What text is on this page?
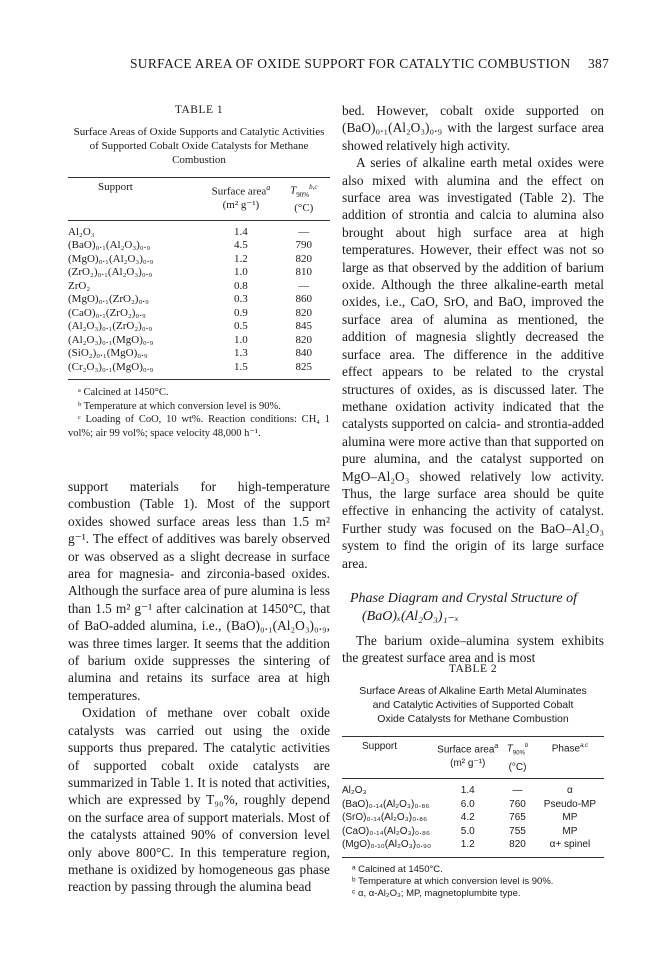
SURFACE AREA OF OXIDE SUPPORT FOR CATALYTIC COMBUSTION 387
TABLE 1
Surface Areas of Oxide Supports and Catalytic Activities of Supported Cobalt Oxide Catalysts for Methane Combustion
Support	Surface area$^a$
(m² g⁻¹)	$T_{90\%}^{b,c}$
(°C)
Al₂O₃	1.4	—
(BaO)₀.₁(Al₂O₃)₀.₉	4.5	790
(MgO)₀.₁(Al₂O₃)₀.₉	1.2	820
(ZrO₂)₀.₁(Al₂O₃)₀.₉	1.0	810
ZrO₂	0.8	—
(MgO)₀.₁(ZrO₂)₀.₉	0.3	860
(CaO)₀.₁(ZrO₂)₀.₉	0.9	820
(Al₂O₃)₀.₁(ZrO₂)₀.₉	0.5	845
(Al₂O₃)₀.₁(MgO)₀.₉	1.0	820
(SiO₂)₀.₁(MgO)₀.₉	1.3	840
(Cr₂O₃)₀.₁(MgO)₀.₉	1.5	825
ᵃ Calcined at 1450°C.
ᵇ Temperature at which conversion level is 90%.
ᶜ Loading of CoO, 10 wt%. Reaction conditions: CH₄ 1 vol%; air 99 vol%; space velocity 48,000 h⁻¹.

support materials for high-temperature combustion (Table 1). Most of the support oxides showed surface areas less than 1.5 m² g⁻¹. The effect of additives was barely observed or was observed as a slight decrease in surface area for magnesia- and zirconia-based oxides. Although the surface area of pure alumina is less than 1.5 m² g⁻¹ after calcination at 1450°C, that of BaO-added alumina, i.e., (BaO)₀.₁(Al₂O₃)₀.₉, was three times larger. It seems that the addition of barium oxide suppresses the sintering of alumina and retains its surface area at high temperatures.

Oxidation of methane over cobalt oxide catalysts was carried out using the oxide supports thus prepared. The catalytic activities of supported cobalt oxide catalysts are summarized in Table 1. It is noted that activities, which are expressed by T₉₀%, roughly depend on the surface area of support materials. Most of the catalysts attained 90% of conversion level only above 800°C. In this temperature region, methane is oxidized by homogeneous gas phase reaction by passing through the alumina bead

bed. However, cobalt oxide supported on (BaO)₀.₁(Al₂O₃)₀.₉ with the largest surface area showed relatively high activity.

A series of alkaline earth metal oxides were also mixed with alumina and the effect on surface area was investigated (Table 2). The addition of strontia and calcia to alumina also brought about high surface area at high temperatures. However, their effect was not so large as that observed by the addition of barium oxide. Although the three alkaline-earth metal oxides, i.e., CaO, SrO, and BaO, improved the surface area of alumina as mentioned, the addition of magnesia slightly decreased the surface area. The difference in the additive effect appears to be related to the crystal structures of oxides, as is discussed later. The methane oxidation activity indicated that the catalysts supported on calcia- and strontia-added alumina were more active than that supported on pure alumina, and the catalyst supported on MgO–Al₂O₃ showed relatively low activity. Thus, the large surface area should be quite effective in enhancing the activity of catalyst. Further study was focused on the BaO–Al₂O₃ system to find the origin of its large surface area.

Phase Diagram and Crystal Structure of
(BaO)ₓ(Al₂O₃)₁₋ₓ

The barium oxide–alumina system exhibits the greatest surface area and is most

TABLE 2
Surface Areas of Alkaline Earth Metal Aluminates and Catalytic Activities of Supported Cobalt Oxide Catalysts for Methane Combustion
Support	Surface area$^a$
(m² g⁻¹)	$T_{90\%}^b$
(°C)	Phase$^{a,c}$
Al₂O₃	1.4	—	α
(BaO)₀.₁₄(Al₂O₃)₀.₈₆	6.0	760	Pseudo-MP
(SrO)₀.₁₄(Al₂O₃)₀.₈₆	4.2	765	MP
(CaO)₀.₁₄(Al₂O₃)₀.₈₆	5.0	755	MP
(MgO)₀.₁₀(Al₂O₃)₀.₉₀	1.2	820	α+ spinel
ᵃ Calcined at 1450°C.
ᵇ Temperature at which conversion level is 90%.
ᶜ α, α-Al₂O₃; MP, magnetoplumbite type.
